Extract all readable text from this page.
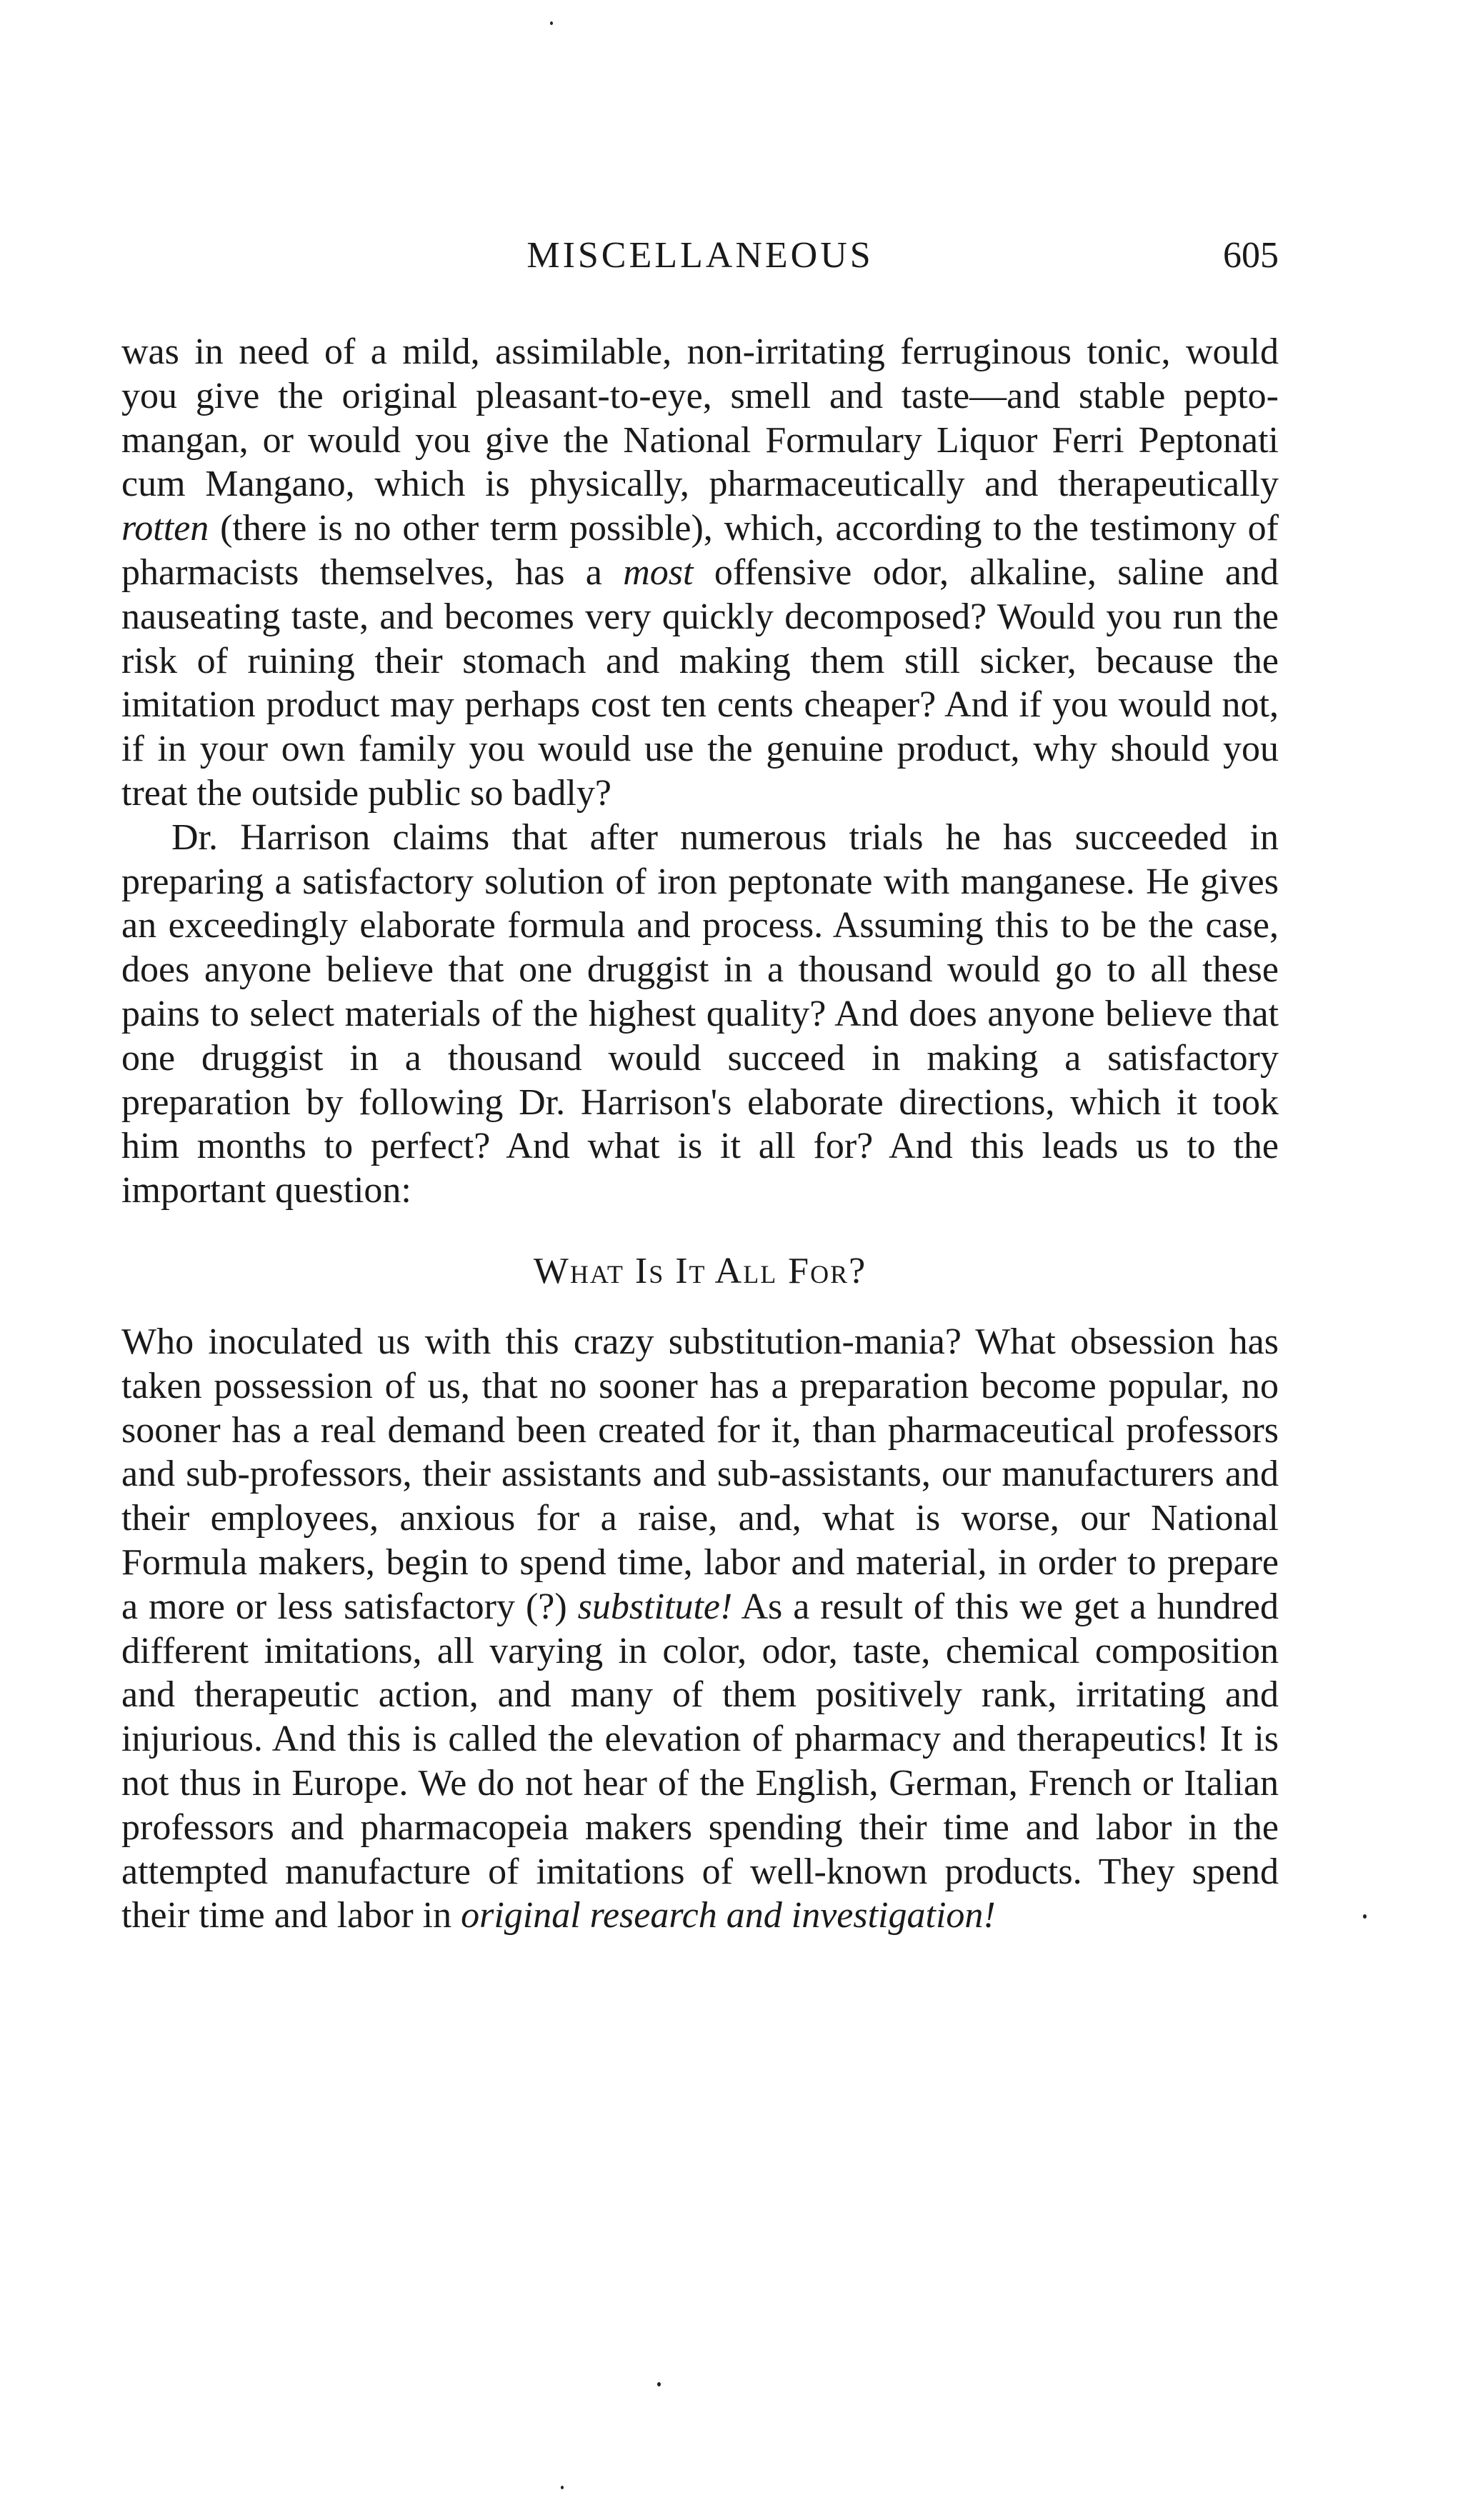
MISCELLANEOUS	605

was in need of a mild, assimilable, non-irritating ferruginous tonic, would you give the original pleasant-to-eye, smell and taste—and stable pepto-mangan, or would you give the National Formulary Liquor Ferri Peptonati cum Mangano, which is physically, pharmaceutically and therapeutically rotten (there is no other term possible), which, according to the testimony of pharmacists themselves, has a most offensive odor, alkaline, saline and nauseating taste, and becomes very quickly decomposed? Would you run the risk of ruining their stomach and making them still sicker, because the imitation product may perhaps cost ten cents cheaper? And if you would not, if in your own family you would use the genuine product, why should you treat the outside public so badly?

Dr. Harrison claims that after numerous trials he has succeeded in preparing a satisfactory solution of iron peptonate with manganese. He gives an exceedingly elaborate formula and process. Assuming this to be the case, does anyone believe that one druggist in a thousand would go to all these pains to select materials of the highest quality? And does anyone believe that one druggist in a thousand would succeed in making a satisfactory preparation by following Dr. Harrison's elaborate directions, which it took him months to perfect? And what is it all for? And this leads us to the important question:

What Is It All For?

Who inoculated us with this crazy substitution-mania? What obsession has taken possession of us, that no sooner has a preparation become popular, no sooner has a real demand been created for it, than pharmaceutical professors and sub-professors, their assistants and sub-assistants, our manufacturers and their employees, anxious for a raise, and, what is worse, our National Formula makers, begin to spend time, labor and material, in order to prepare a more or less satisfactory (?) substitute! As a result of this we get a hundred different imitations, all varying in color, odor, taste, chemical composition and therapeutic action, and many of them positively rank, irritating and injurious. And this is called the elevation of pharmacy and therapeutics! It is not thus in Europe. We do not hear of the English, German, French or Italian professors and pharmacopeia makers spending their time and labor in the attempted manufacture of imitations of well-known products. They spend their time and labor in original research and investigation!
